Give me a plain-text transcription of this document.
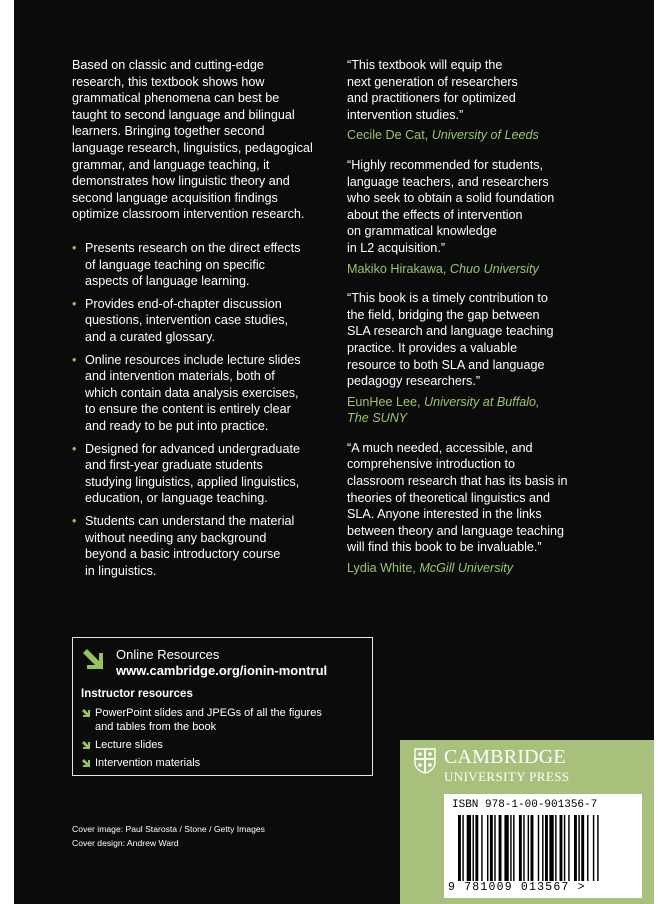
Based on classic and cutting-edge

research, this textbook shows how

grammatical phenomena can best be

taught to second language and bilingual

learners. Bringing together second

language research, linguistics, pedagogical

grammar, and language teaching, it

demonstrates how linguistic theory and

second language acquisition findings

optimize classroom intervention research.

• Presents research on the direct effects
of language teaching on specific
aspects of language learning.
• Provides end-of-chapter discussion
questions, intervention case studies,
and a curated glossary.
• Online resources include lecture slides
and intervention materials, both of
which contain data analysis exercises,
to ensure the content is entirely clear
and ready to be put into practice.
• Designed for advanced undergraduate
and first-year graduate students
studying linguistics, applied linguistics,
education, or language teaching.
• Students can understand the material
without needing any background
beyond a basic introductory course
in linguistics.
“This textbook will equip the
next generation of researchers
and practitioners for optimized
intervention studies.”
Cecile De Cat, University of Leeds
“Highly recommended for students,
language teachers, and researchers
who seek to obtain a solid foundation
about the effects of intervention
on grammatical knowledge
in L2 acquisition.”
Makiko Hirakawa, Chuo University
“This book is a timely contribution to
the field, bridging the gap between
SLA research and language teaching
practice. It provides a valuable
resource to both SLA and language
pedagogy researchers.”
EunHee Lee, University at Buffalo,
The SUNY
“A much needed, accessible, and
comprehensive introduction to
classroom research that has its basis in
theories of theoretical linguistics and
SLA. Anyone interested in the links
between theory and language teaching
will find this book to be invaluable.”
Lydia White, McGill University
Online Resources
www.cambridge.org/ionin-montrul
Instructor resources
PowerPoint slides and JPEGs of all the figures
and tables from the book
Lecture slides
Intervention materials
Cover image: Paul Starosta / Stone / Getty Images
Cover design: Andrew Ward
CAMBRIDGE
UNIVERSITY PRESS
ISBN 978-1-00-901356-7
9 781009 013567 >
